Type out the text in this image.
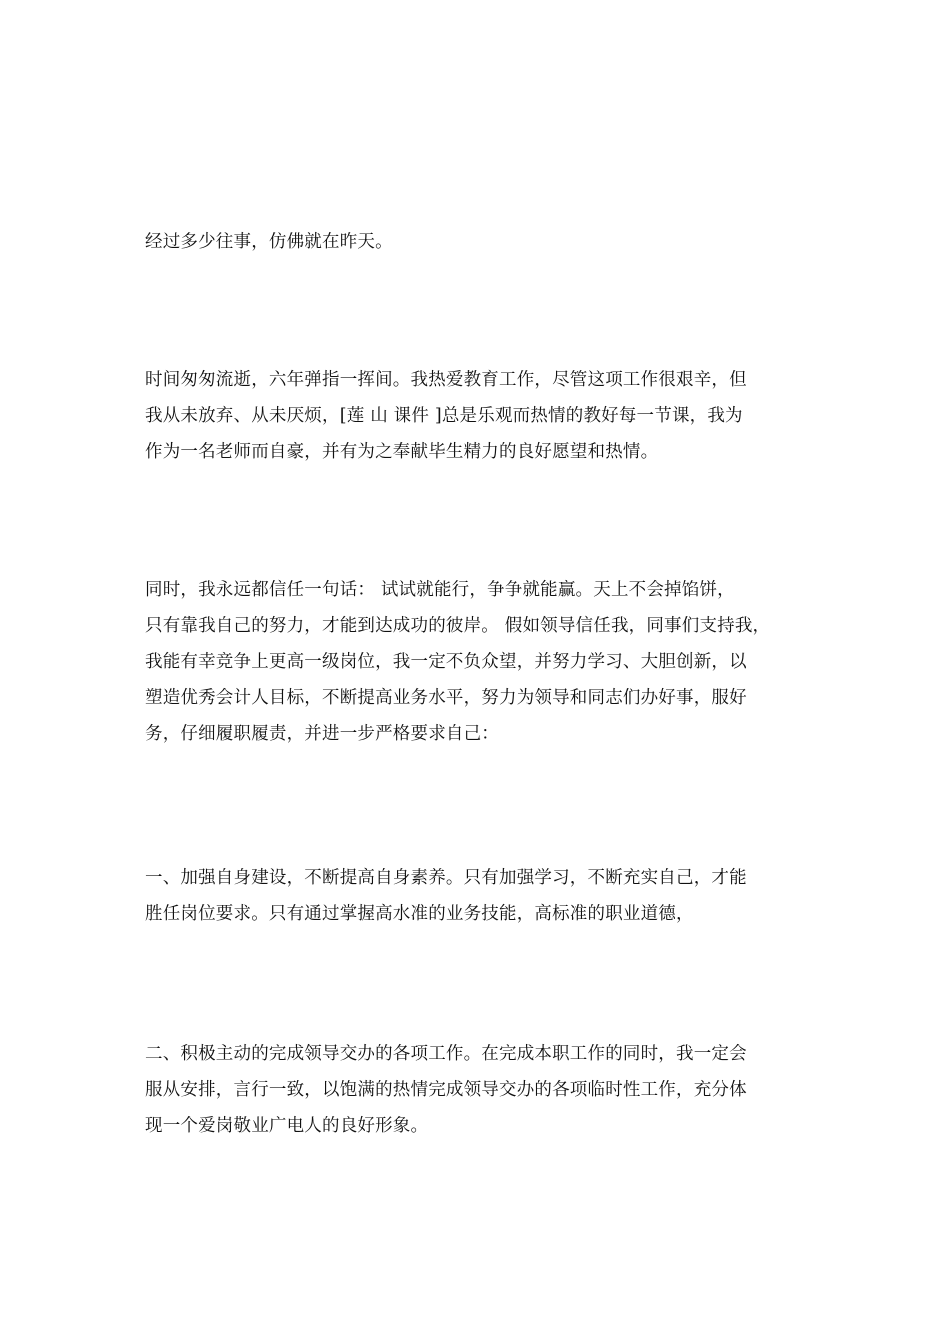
经过多少往事，仿佛就在昨天。
时间匆匆流逝，六年弹指一挥间。我热爱教育工作，尽管这项工作很艰辛，但
我从未放弃、从未厌烦，[莲 山 课件 ]总是乐观而热情的教好每一节课，我为
作为一名老师而自豪，并有为之奉献毕生精力的良好愿望和热情。
同时，我永远都信任一句话： 试试就能行，争争就能赢。天上不会掉馅饼，
只有靠我自己的努力，才能到达成功的彼岸。 假如领导信任我，同事们支持我，
我能有幸竞争上更高一级岗位，我一定不负众望，并努力学习、大胆创新，以
塑造优秀会计人目标，不断提高业务水平，努力为领导和同志们办好事，服好
务，仔细履职履责，并进一步严格要求自己：
一、加强自身建设，不断提高自身素养。只有加强学习，不断充实自己，才能
胜任岗位要求。只有通过掌握高水准的业务技能，高标准的职业道德，
二、积极主动的完成领导交办的各项工作。在完成本职工作的同时，我一定会
服从安排，言行一致，以饱满的热情完成领导交办的各项临时性工作，充分体
现一个爱岗敬业广电人的良好形象。
